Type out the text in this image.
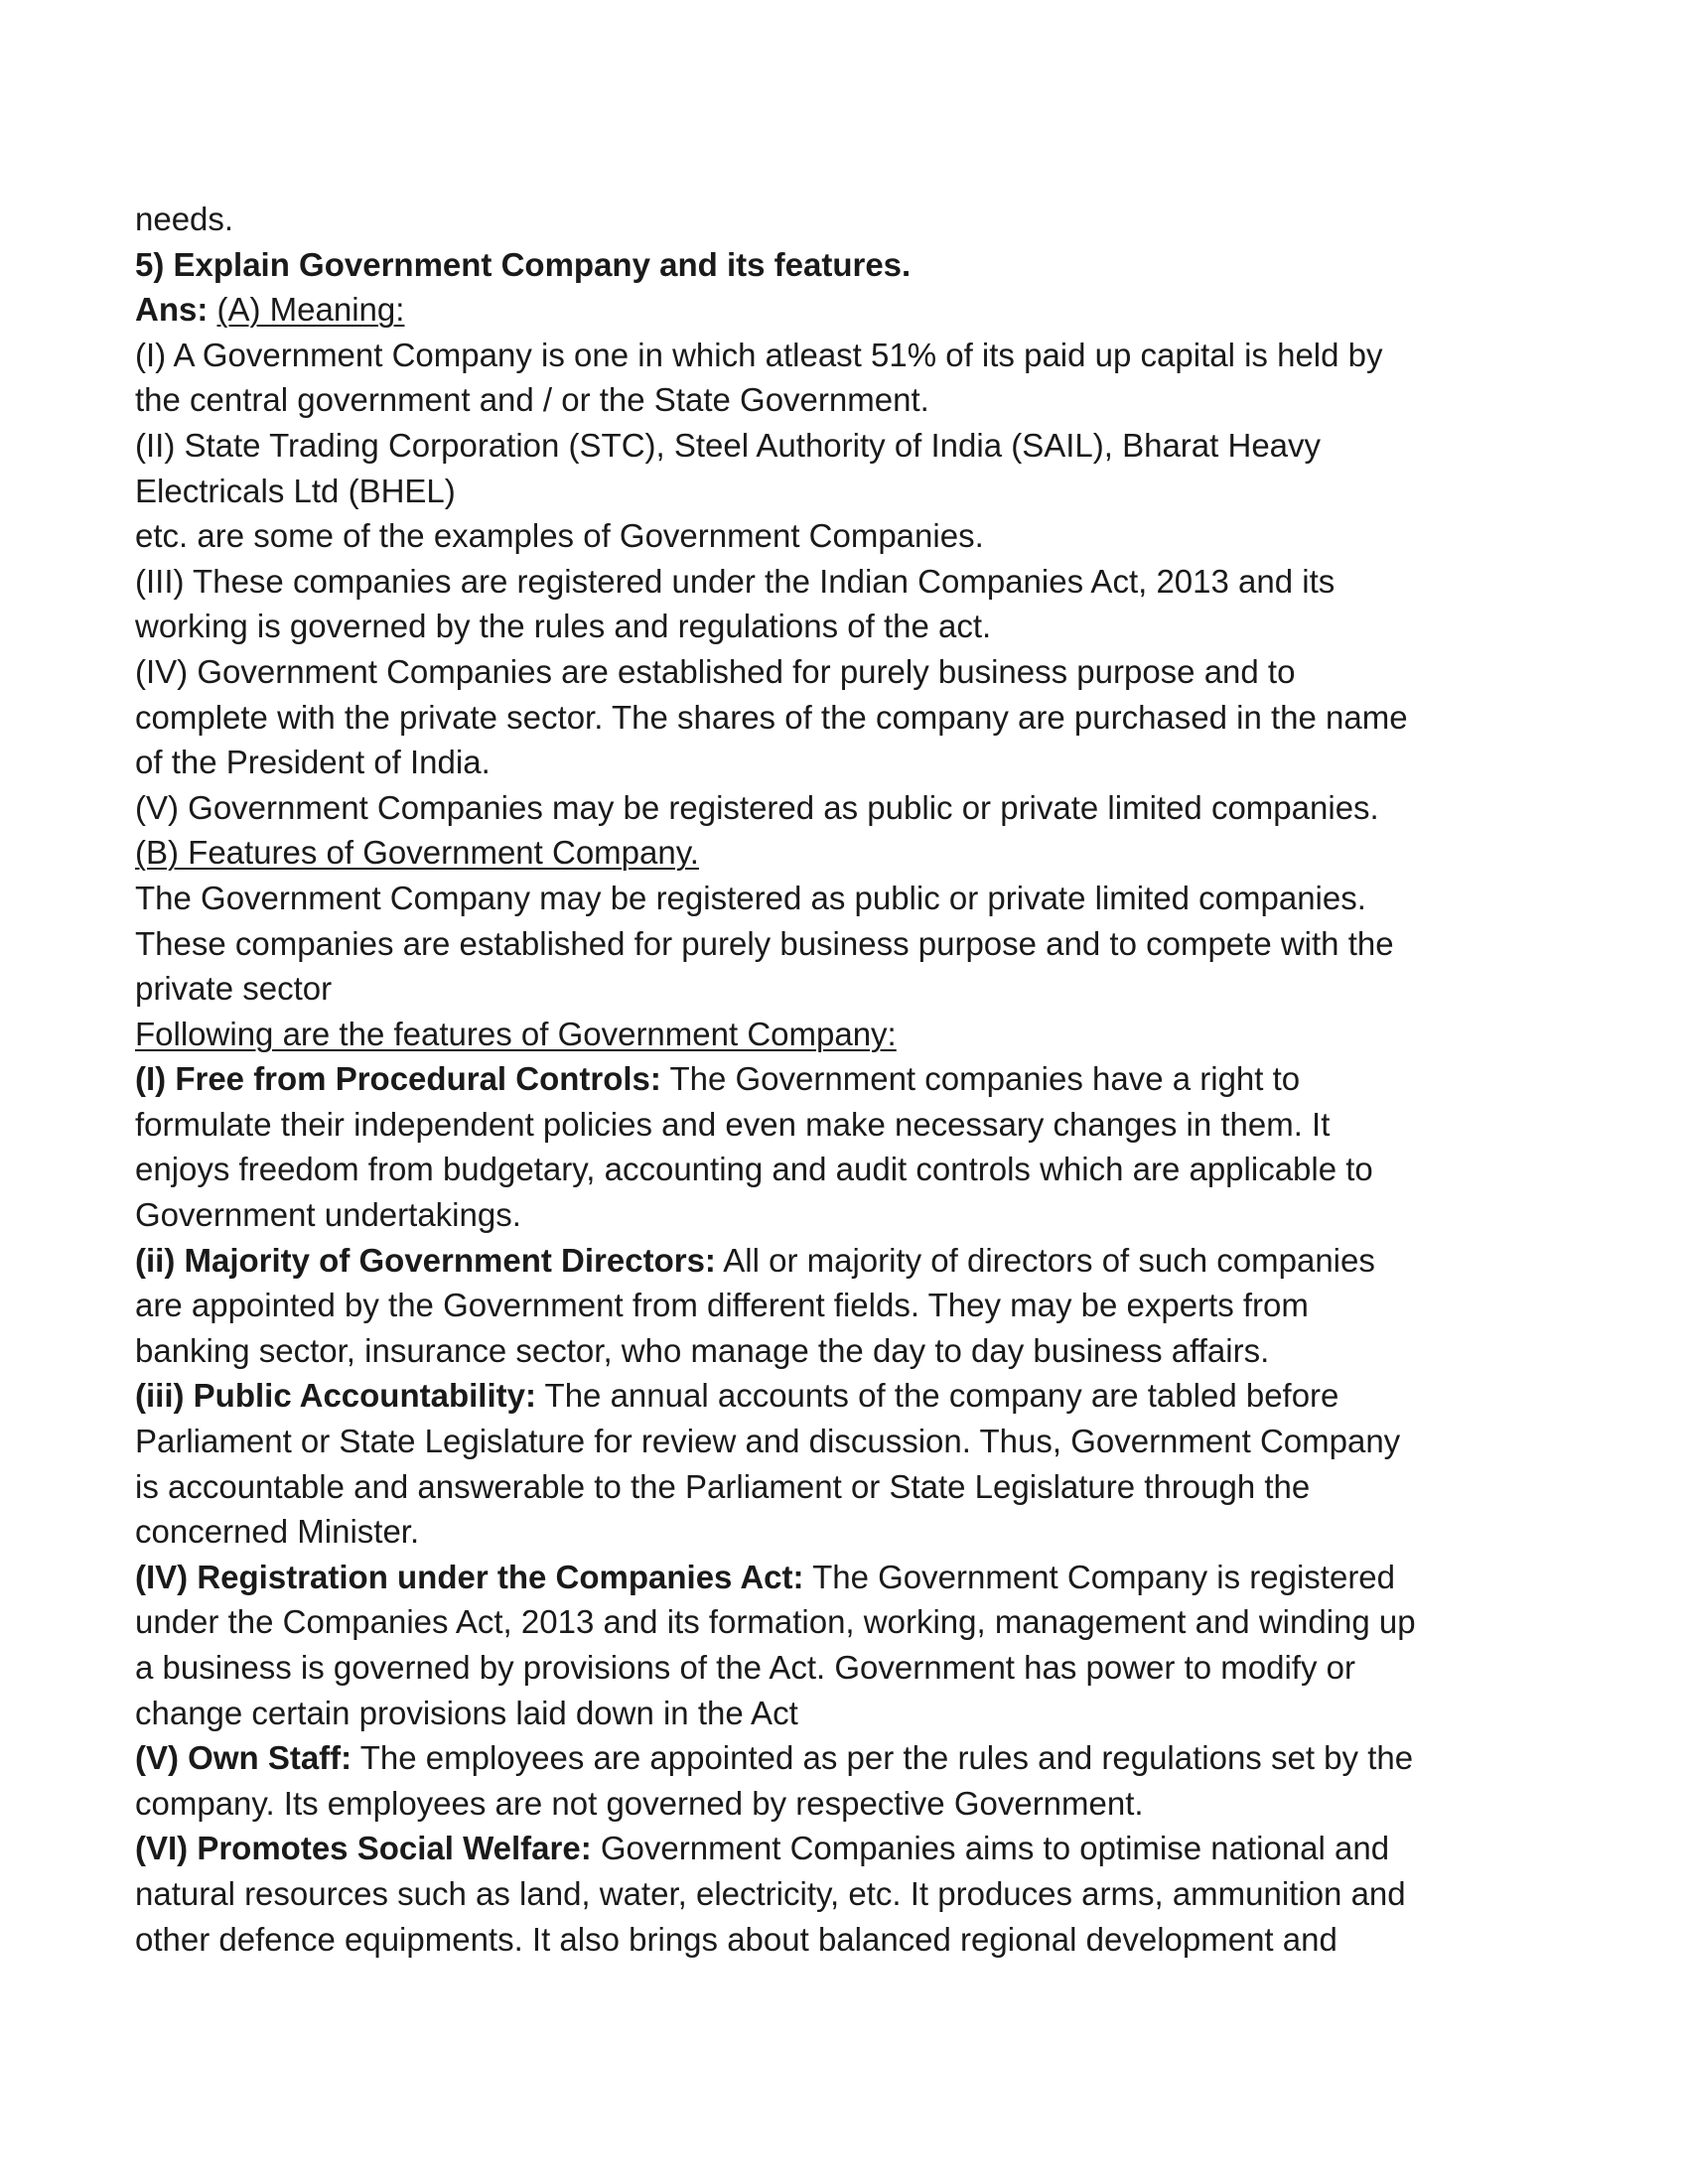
needs.
5) Explain Government Company and its features.
Ans: (A) Meaning:
(I) A Government Company is one in which atleast 51% of its paid up capital is held by
the central government and / or the State Government.
(II) State Trading Corporation (STC), Steel Authority of India (SAIL), Bharat Heavy
Electricals Ltd (BHEL)
etc. are some of the examples of Government Companies.
(III) These companies are registered under the Indian Companies Act, 2013 and its
working is governed by the rules and regulations of the act.
(IV) Government Companies are established for purely business purpose and to
complete with the private sector. The shares of the company are purchased in the name
of the President of India.
(V) Government Companies may be registered as public or private limited companies.
(B) Features of Government Company.
The Government Company may be registered as public or private limited companies.
These companies are established for purely business purpose and to compete with the
private sector
Following are the features of Government Company:
(I) Free from Procedural Controls: The Government companies have a right to
formulate their independent policies and even make necessary changes in them. It
enjoys freedom from budgetary, accounting and audit controls which are applicable to
Government undertakings.
(ii) Majority of Government Directors: All or majority of directors of such companies
are appointed by the Government from different fields. They may be experts from
banking sector, insurance sector, who manage the day to day business affairs.
(iii) Public Accountability: The annual accounts of the company are tabled before
Parliament or State Legislature for review and discussion. Thus, Government Company
is accountable and answerable to the Parliament or State Legislature through the
concerned Minister.
(IV) Registration under the Companies Act: The Government Company is registered
under the Companies Act, 2013 and its formation, working, management and winding up
a business is governed by provisions of the Act. Government has power to modify or
change certain provisions laid down in the Act
(V) Own Staff: The employees are appointed as per the rules and regulations set by the
company. Its employees are not governed by respective Government.
(VI) Promotes Social Welfare: Government Companies aims to optimise national and
natural resources such as land, water, electricity, etc. It produces arms, ammunition and
other defence equipments. It also brings about balanced regional development and
